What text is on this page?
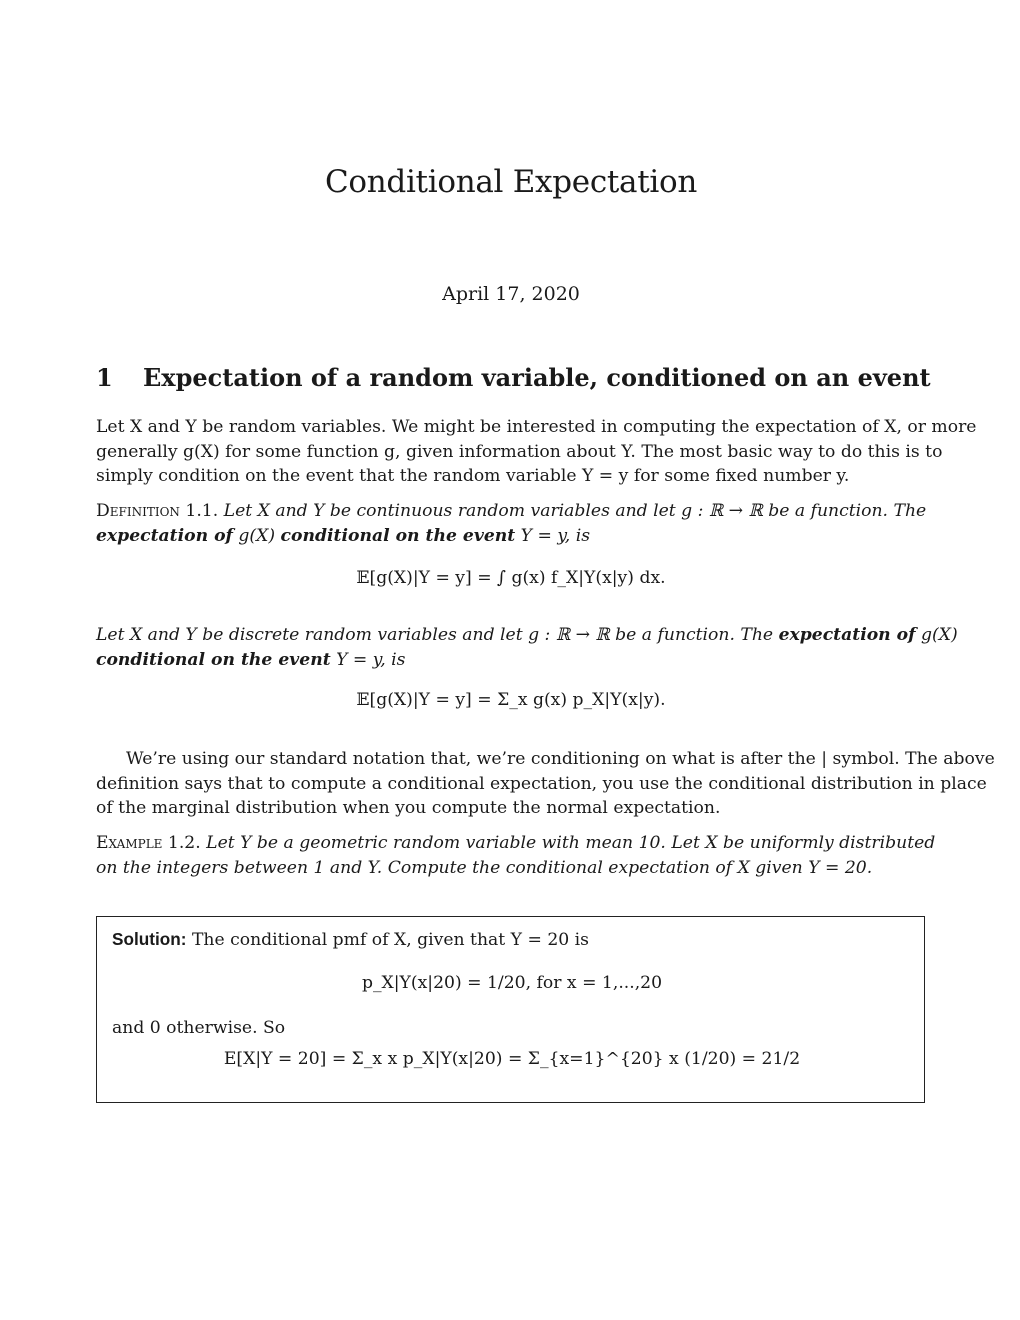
Conditional Expectation
April 17, 2020
1 Expectation of a random variable, conditioned on an event
Let X and Y be random variables. We might be interested in computing the expectation of X, or more
generally g(X) for some function g, given information about Y. The most basic way to do this is to
simply condition on the event that the random variable Y = y for some fixed number y.
Definition 1.1. Let X and Y be continuous random variables and let g : ℝ → ℝ be a function. The
expectation of g(X) conditional on the event Y = y, is
𝔼[g(X)|Y = y] = ∫ g(x) f_X|Y(x|y) dx.
Let X and Y be discrete random variables and let g : ℝ → ℝ be a function. The expectation of g(X)
conditional on the event Y = y, is
𝔼[g(X)|Y = y] = Σ_x g(x) p_X|Y(x|y).
We’re using our standard notation that, we’re conditioning on what is after the | symbol. The above
definition says that to compute a conditional expectation, you use the conditional distribution in place
of the marginal distribution when you compute the normal expectation.
Example 1.2. Let Y be a geometric random variable with mean 10. Let X be uniformly distributed
on the integers between 1 and Y. Compute the conditional expectation of X given Y = 20.
Solution: The conditional pmf of X, given that Y = 20 is
p_X|Y(x|20) = 1/20, for x = 1,...,20
and 0 otherwise. So
E[X|Y = 20] = Σ_x x p_X|Y(x|20) = Σ_{x=1}^{20} x (1/20) = 21/2
